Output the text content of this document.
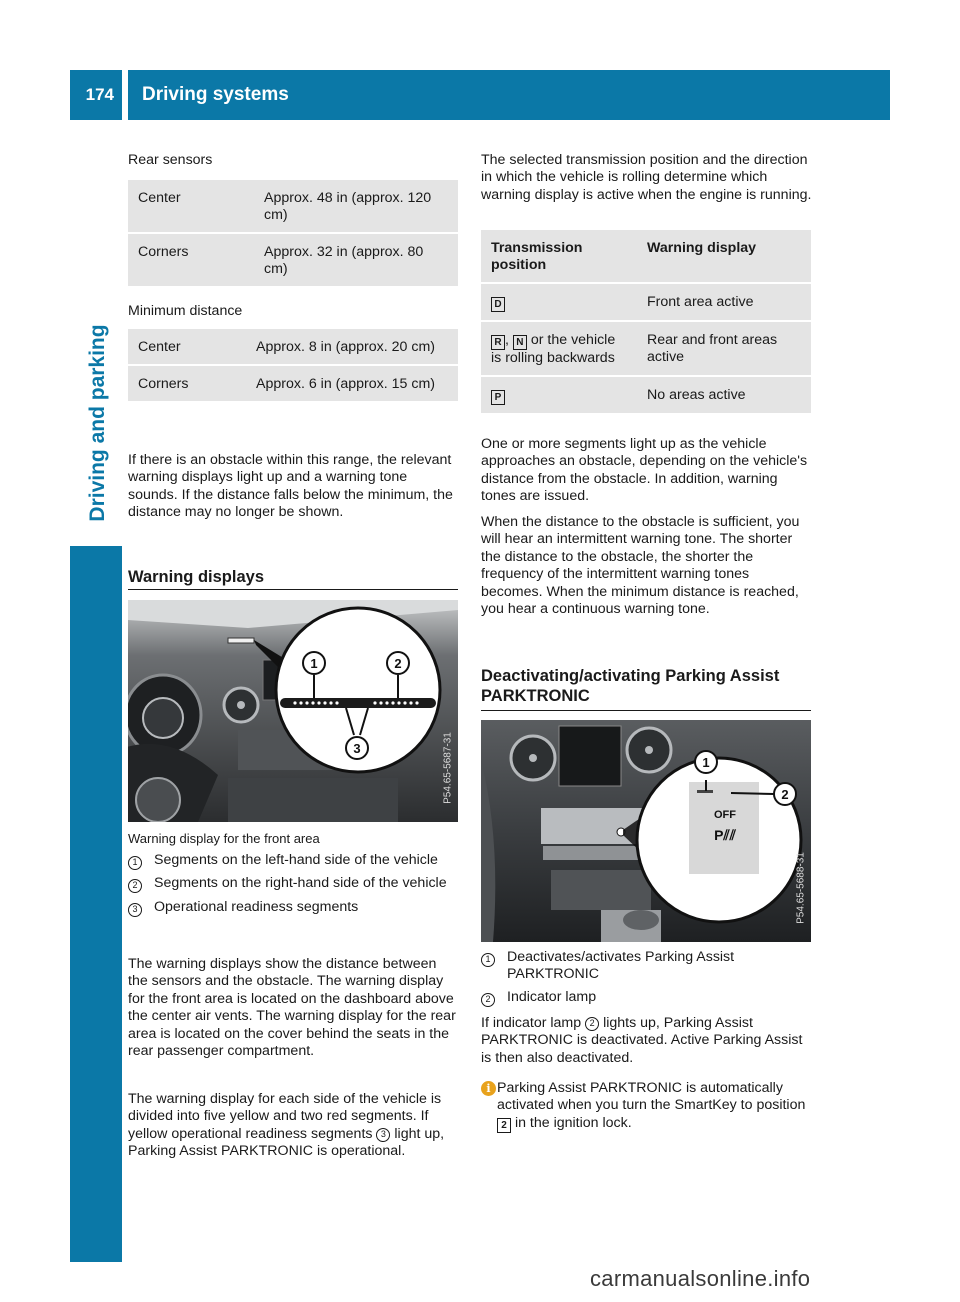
174	Driving systems
Driving and parking
Rear sensors
Center	Approx. 48 in (approx. 120 cm)
Corners	Approx. 32 in (approx. 80 cm)
Minimum distance
Center	Approx. 8 in (approx. 20 cm)
Corners	Approx. 6 in (approx. 15 cm)
If there is an obstacle within this range, the relevant warning displays light up and a warning tone sounds. If the distance falls below the minimum, the distance may no longer be shown.
Warning displays
1	2
3	P54.65-5687-31
Warning display for the front area
1	Segments on the left-hand side of the vehicle
2	Segments on the right-hand side of the vehicle
3	Operational readiness segments
The warning displays show the distance between the sensors and the obstacle. The warning display for the front area is located on the dashboard above the center air vents. The warning display for the rear area is located on the cover behind the seats in the rear passenger compartment.
The warning display for each side of the vehicle is divided into five yellow and two red segments. If yellow operational readiness segments 3 light up, Parking Assist PARKTRONIC is operational.
The selected transmission position and the direction in which the vehicle is rolling determine which warning display is active when the engine is running.
Transmission position	Warning display
D	Front area active
R , N or the vehicle is rolling backwards	Rear and front areas active
P	No areas active
One or more segments light up as the vehicle approaches an obstacle, depending on the vehicle's distance from the obstacle. In addition, warning tones are issued.
When the distance to the obstacle is sufficient, you will hear an intermittent warning tone. The shorter the distance to the obstacle, the shorter the frequency of the intermittent warning tones becomes. When the minimum distance is reached, you hear a continuous warning tone.
Deactivating/activating Parking Assist PARKTRONIC
OFF
P⫽⫽
1
2
P54.65-5688-31
1	Deactivates/activates Parking Assist PARKTRONIC
2	Indicator lamp
If indicator lamp 2 lights up, Parking Assist PARKTRONIC is deactivated. Active Parking Assist is then also deactivated.
i Parking Assist PARKTRONIC is automatically activated when you turn the SmartKey to position 2 in the ignition lock.
carmanualsonline.info
